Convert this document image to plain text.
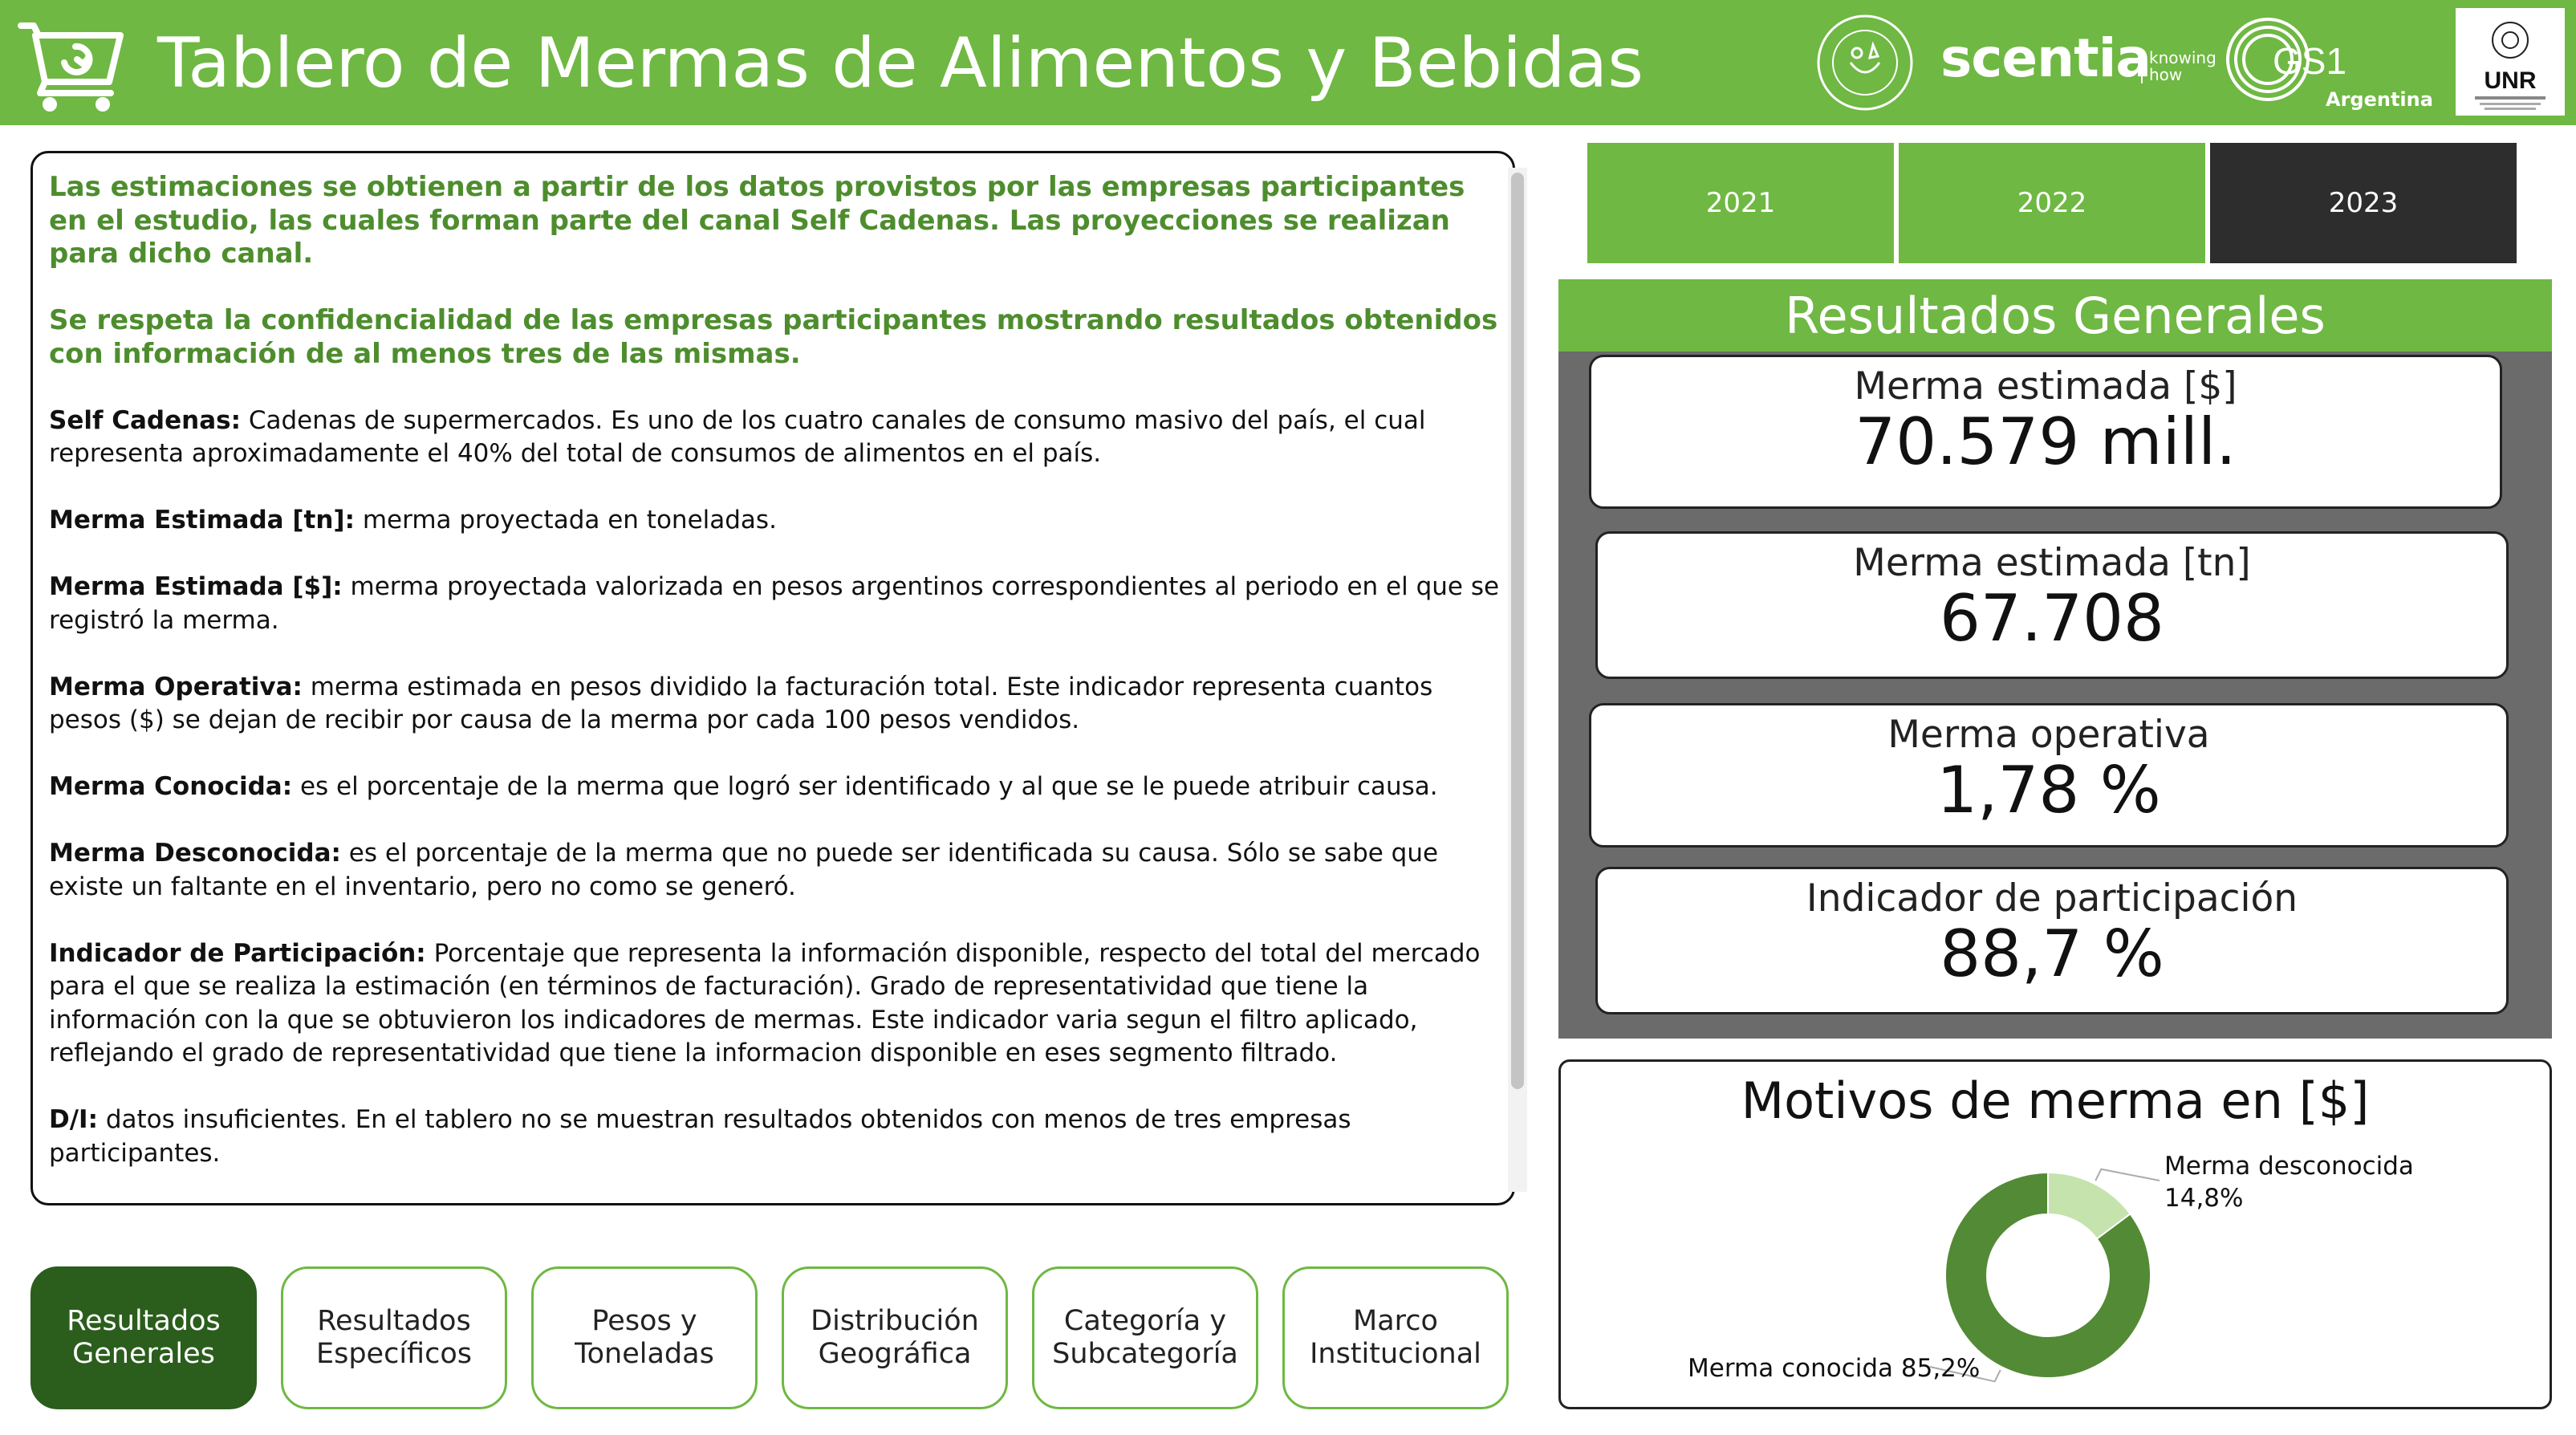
Tablero de Mermas de Alimentos y Bebidas	scentia
knowing
how	GS1
Argentina
UNR

Las estimaciones se obtienen a partir de los datos provistos por las empresas participantes en el estudio, las cuales forman parte del canal Self Cadenas. Las proyecciones se realizan para dicho canal.

Se respeta la confidencialidad de las empresas participantes mostrando resultados obtenidos con información de al menos tres de las mismas.

Self Cadenas: Cadenas de supermercados. Es uno de los cuatro canales de consumo masivo del país, el cual representa aproximadamente el 40% del total de consumos de alimentos en el país.

Merma Estimada [tn]: merma proyectada en toneladas.

Merma Estimada [$]: merma proyectada valorizada en pesos argentinos correspondientes al periodo en el que se registró la merma.

Merma Operativa: merma estimada en pesos dividido la facturación total. Este indicador representa cuantos pesos ($) se dejan de recibir por causa de la merma por cada 100 pesos vendidos.

Merma Conocida: es el porcentaje de la merma que logró ser identificado y al que se le puede atribuir causa.

Merma Desconocida: es el porcentaje de la merma que no puede ser identificada su causa. Sólo se sabe que existe un faltante en el inventario, pero no como se generó.

Indicador de Participación: Porcentaje que representa la información disponible, respecto del total del mercado para el que se realiza la estimación (en términos de facturación). Grado de representatividad que tiene la información con la que se obtuvieron los indicadores de mermas. Este indicador varia segun el filtro aplicado, reflejando el grado de representatividad que tiene la informacion disponible en eses segmento filtrado.

D/I: datos insuficientes. En el tablero no se muestran resultados obtenidos con menos de tres empresas participantes.

Resultados
Generales
Resultados
Específicos
Pesos y
Toneladas
Distribución
Geográfica
Categoría y
Subcategoría
Marco
Institucional
2021	2022	2023
Resultados Generales
Merma estimada [$]
70.579 mill.
Merma estimada [tn]
67.708
Merma operativa
1,78 %
Indicador de participación
88,7 %
Motivos de merma en [$]
Merma desconocida
14,8%
Merma conocida 85,2%
